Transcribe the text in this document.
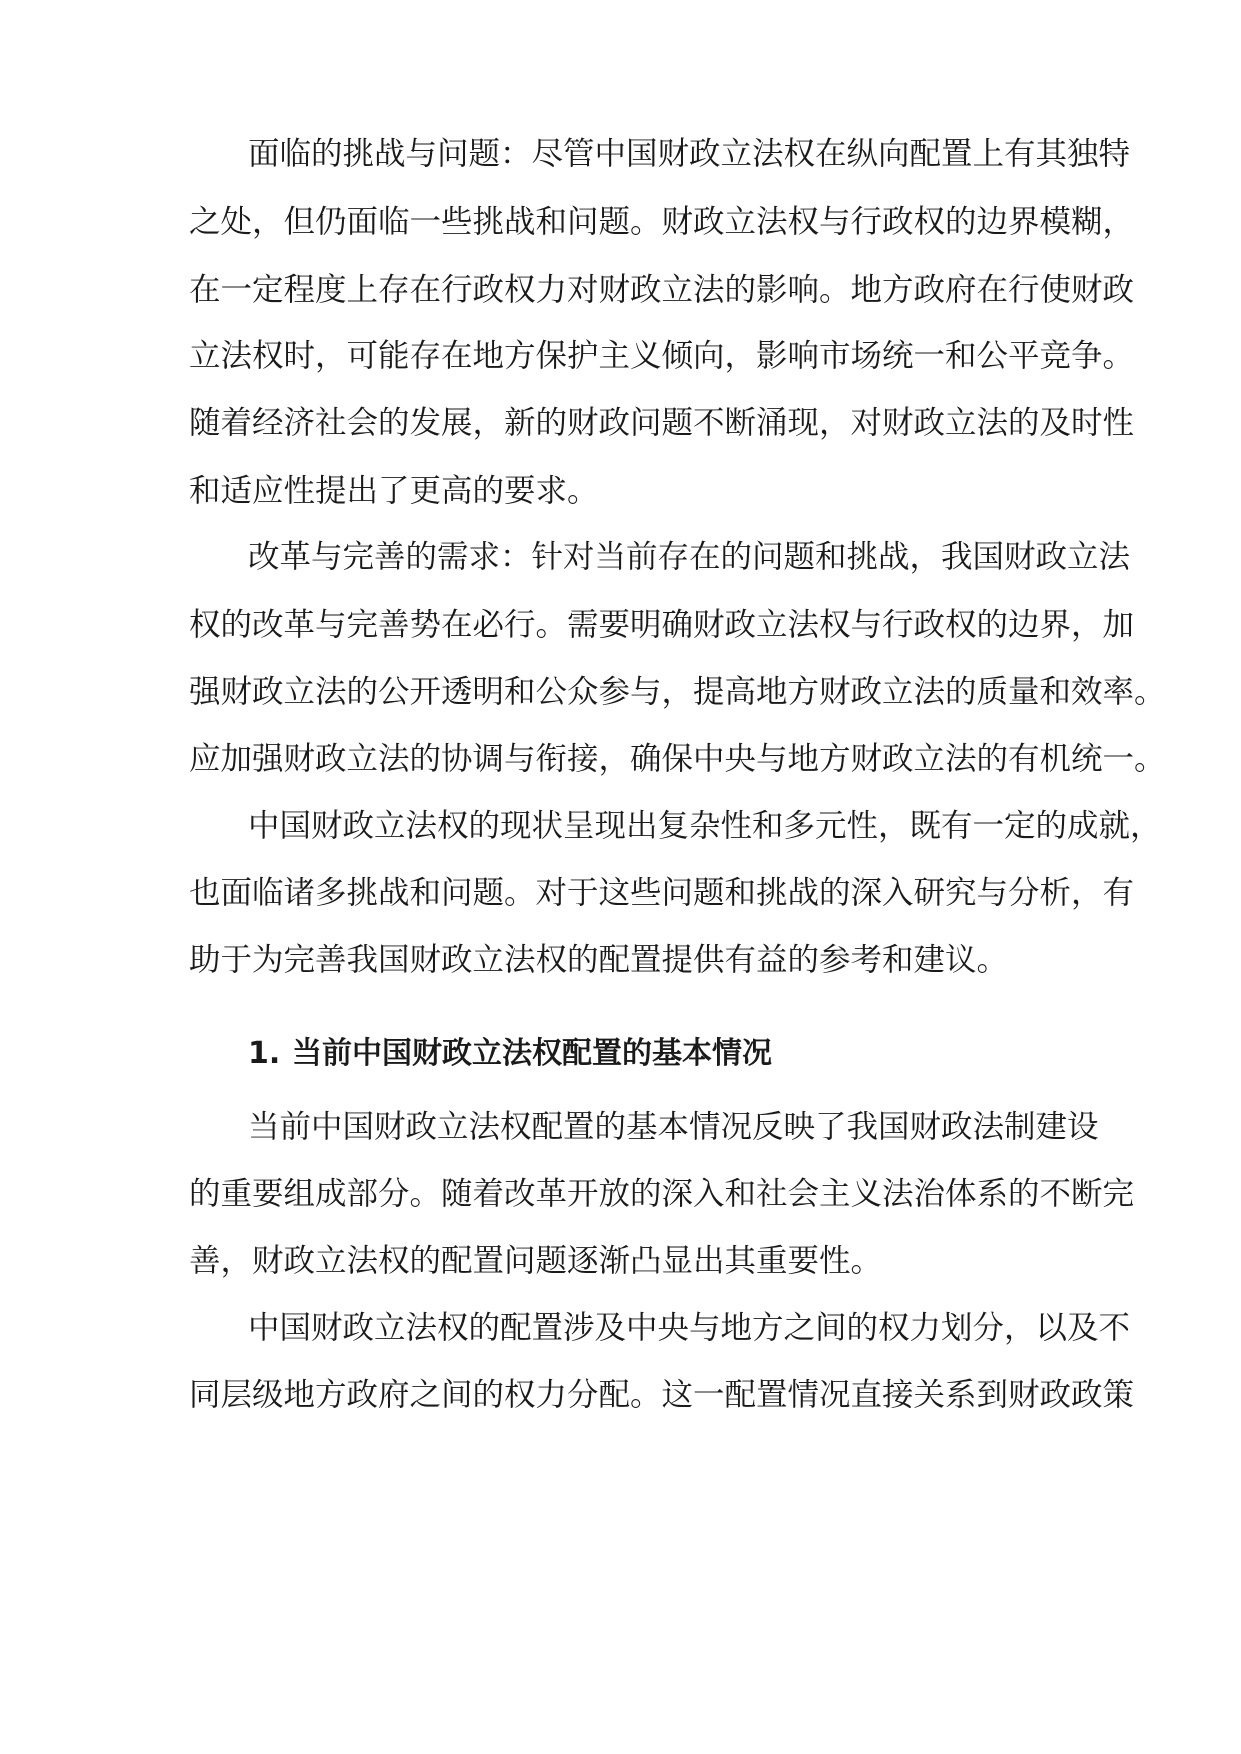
面临的挑战与问题：尽管中国财政立法权在纵向配置上有其独特
之处，但仍面临一些挑战和问题。财政立法权与行政权的边界模糊，
在一定程度上存在行政权力对财政立法的影响。地方政府在行使财政
立法权时，可能存在地方保护主义倾向，影响市场统一和公平竞争。
随着经济社会的发展，新的财政问题不断涌现，对财政立法的及时性
和适应性提出了更高的要求。
改革与完善的需求：针对当前存在的问题和挑战，我国财政立法
权的改革与完善势在必行。需要明确财政立法权与行政权的边界，加
强财政立法的公开透明和公众参与，提高地方财政立法的质量和效率。
应加强财政立法的协调与衔接，确保中央与地方财政立法的有机统一。
中国财政立法权的现状呈现出复杂性和多元性，既有一定的成就，
也面临诸多挑战和问题。对于这些问题和挑战的深入研究与分析，有
助于为完善我国财政立法权的配置提供有益的参考和建议。
1. 当前中国财政立法权配置的基本情况
当前中国财政立法权配置的基本情况反映了我国财政法制建设
的重要组成部分。随着改革开放的深入和社会主义法治体系的不断完
善，财政立法权的配置问题逐渐凸显出其重要性。
中国财政立法权的配置涉及中央与地方之间的权力划分，以及不
同层级地方政府之间的权力分配。这一配置情况直接关系到财政政策
